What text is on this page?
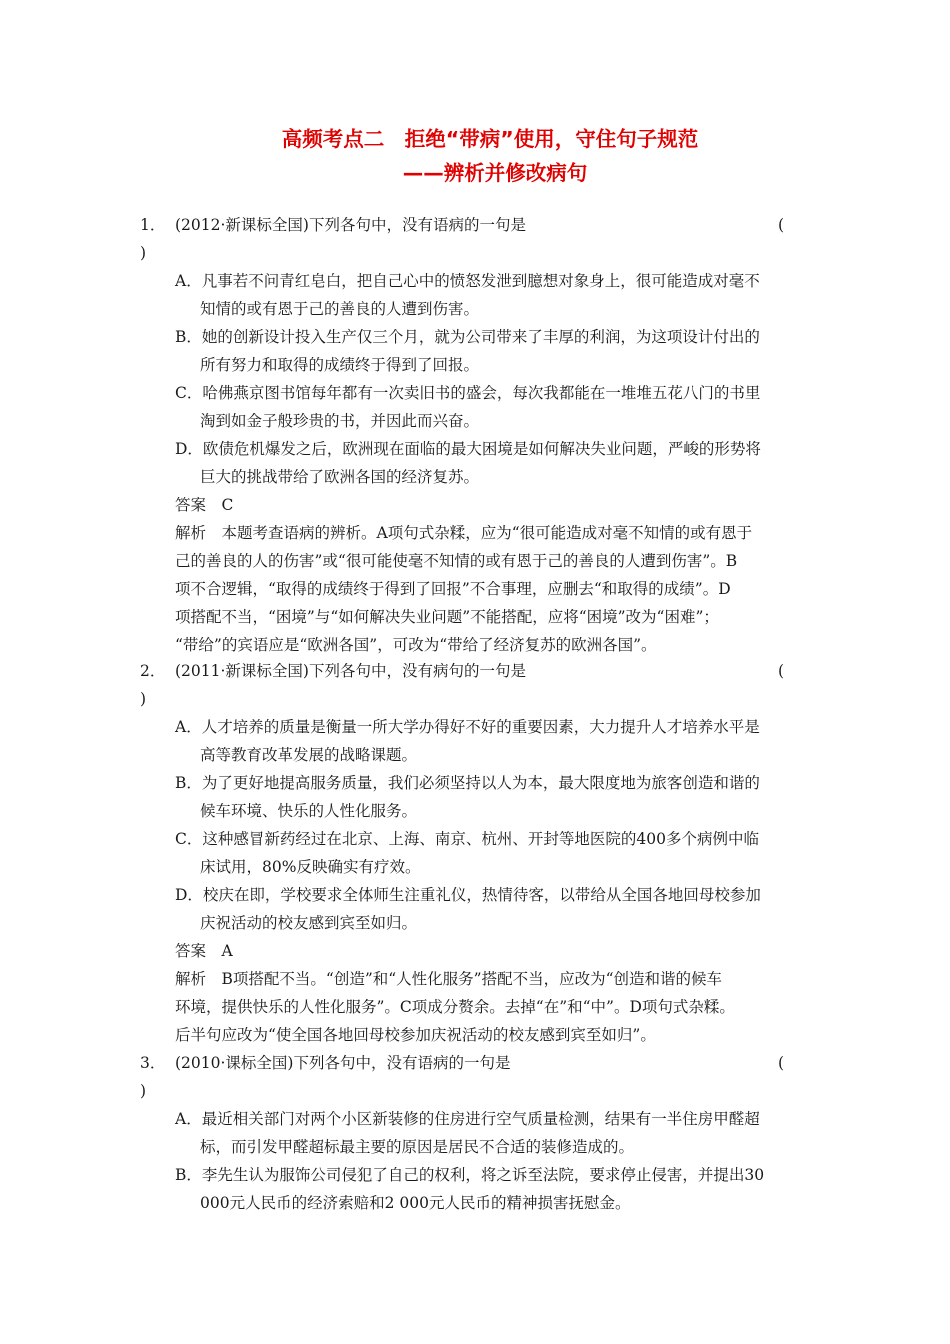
高频考点二　拒绝“带病”使用，守住句子规范
——辨析并修改病句
1． (2012·新课标全国)下列各句中，没有语病的一句是	(
)
A．凡事若不问青红皂白，把自己心中的愤怒发泄到臆想对象身上，很可能造成对毫不
知情的或有恩于己的善良的人遭到伤害。
B．她的创新设计投入生产仅三个月，就为公司带来了丰厚的利润，为这项设计付出的
所有努力和取得的成绩终于得到了回报。
C．哈佛燕京图书馆每年都有一次卖旧书的盛会，每次我都能在一堆堆五花八门的书里
淘到如金子般珍贵的书，并因此而兴奋。
D．欧债危机爆发之后，欧洲现在面临的最大困境是如何解决失业问题，严峻的形势将
巨大的挑战带给了欧洲各国的经济复苏。
答案　C
解析　本题考查语病的辨析。A项句式杂糅，应为“很可能造成对毫不知情的或有恩于
己的善良的人的伤害”或“很可能使毫不知情的或有恩于己的善良的人遭到伤害”。B
项不合逻辑，“取得的成绩终于得到了回报”不合事理，应删去“和取得的成绩”。D
项搭配不当，“困境”与“如何解决失业问题”不能搭配，应将“困境”改为“困难”；
“带给”的宾语应是“欧洲各国”，可改为“带给了经济复苏的欧洲各国”。
2． (2011·新课标全国)下列各句中，没有病句的一句是	(
)
A．人才培养的质量是衡量一所大学办得好不好的重要因素，大力提升人才培养水平是
高等教育改革发展的战略课题。
B．为了更好地提高服务质量，我们必须坚持以人为本，最大限度地为旅客创造和谐的
候车环境、快乐的人性化服务。
C．这种感冒新药经过在北京、上海、南京、杭州、开封等地医院的400多个病例中临
床试用，80%反映确实有疗效。
D．校庆在即，学校要求全体师生注重礼仪，热情待客，以带给从全国各地回母校参加
庆祝活动的校友感到宾至如归。
答案　A
解析　B项搭配不当。“创造”和“人性化服务”搭配不当，应改为“创造和谐的候车
环境，提供快乐的人性化服务”。C项成分赘余。去掉“在”和“中”。D项句式杂糅。
后半句应改为“使全国各地回母校参加庆祝活动的校友感到宾至如归”。
3． (2010·课标全国)下列各句中，没有语病的一句是	(
)
A．最近相关部门对两个小区新装修的住房进行空气质量检测，结果有一半住房甲醛超
标，而引发甲醛超标最主要的原因是居民不合适的装修造成的。
B．李先生认为服饰公司侵犯了自己的权利，将之诉至法院，要求停止侵害，并提出30
000元人民币的经济索赔和2 000元人民币的精神损害抚慰金。
